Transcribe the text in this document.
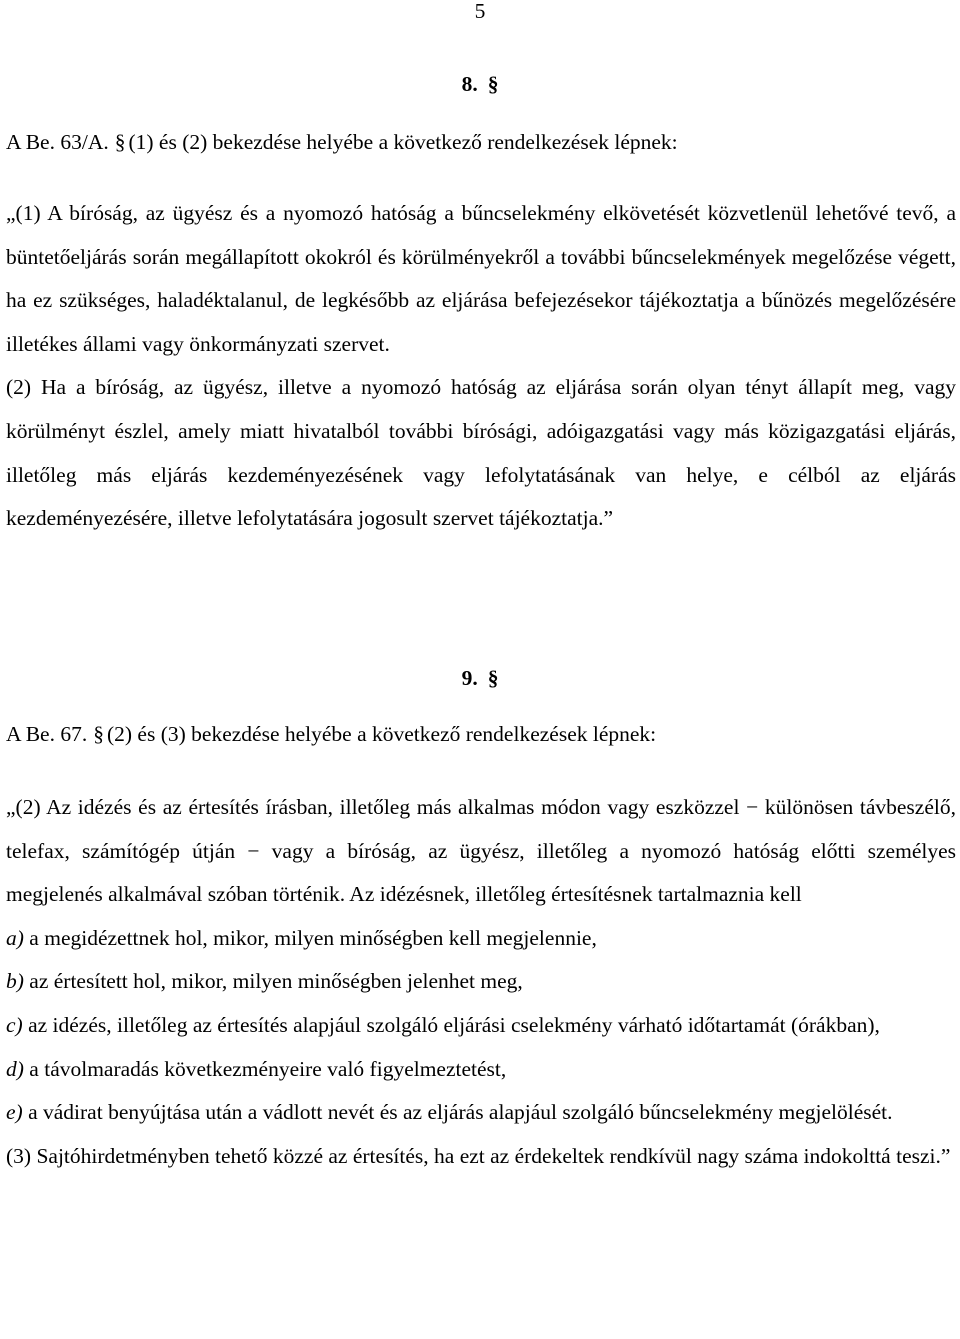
5
8. §
A Be. 63/A. § (1) és (2) bekezdése helyébe a következő rendelkezések lépnek:

„(1) A bíróság, az ügyész és a nyomozó hatóság a bűncselekmény elkövetését közvetlenül lehetővé tevő, a büntetőeljárás során megállapított okokról és körülményekről a további bűncselekmények megelőzése végett, ha ez szükséges, haladéktalanul, de legkésőbb az eljárása befejezésekor tájékoztatja a bűnözés megelőzésére illetékes állami vagy önkormányzati szervet.

(2) Ha a bíróság, az ügyész, illetve a nyomozó hatóság az eljárása során olyan tényt állapít meg, vagy körülményt észlel, amely miatt hivatalból további bírósági, adóigazgatási vagy más közigazgatási eljárás, illetőleg más eljárás kezdeményezésének vagy lefolytatásának van helye, e célból az eljárás kezdeményezésére, illetve lefolytatására jogosult szervet tájékoztatja.”

9. §
A Be. 67. § (2) és (3) bekezdése helyébe a következő rendelkezések lépnek:

„(2) Az idézés és az értesítés írásban, illetőleg más alkalmas módon vagy eszközzel − különösen távbeszélő, telefax, számítógép útján − vagy a bíróság, az ügyész, illetőleg a nyomozó hatóság előtti személyes megjelenés alkalmával szóban történik. Az idézésnek, illetőleg értesítésnek tartalmaznia kell

a) a megidézettnek hol, mikor, milyen minőségben kell megjelennie,

b) az értesített hol, mikor, milyen minőségben jelenhet meg,

c) az idézés, illetőleg az értesítés alapjául szolgáló eljárási cselekmény várható időtartamát (órákban),

d) a távolmaradás következményeire való figyelmeztetést,

e) a vádirat benyújtása után a vádlott nevét és az eljárás alapjául szolgáló bűncselekmény megjelölését.

(3) Sajtóhirdetményben tehető közzé az értesítés, ha ezt az érdekeltek rendkívül nagy száma indokolttá teszi.”
